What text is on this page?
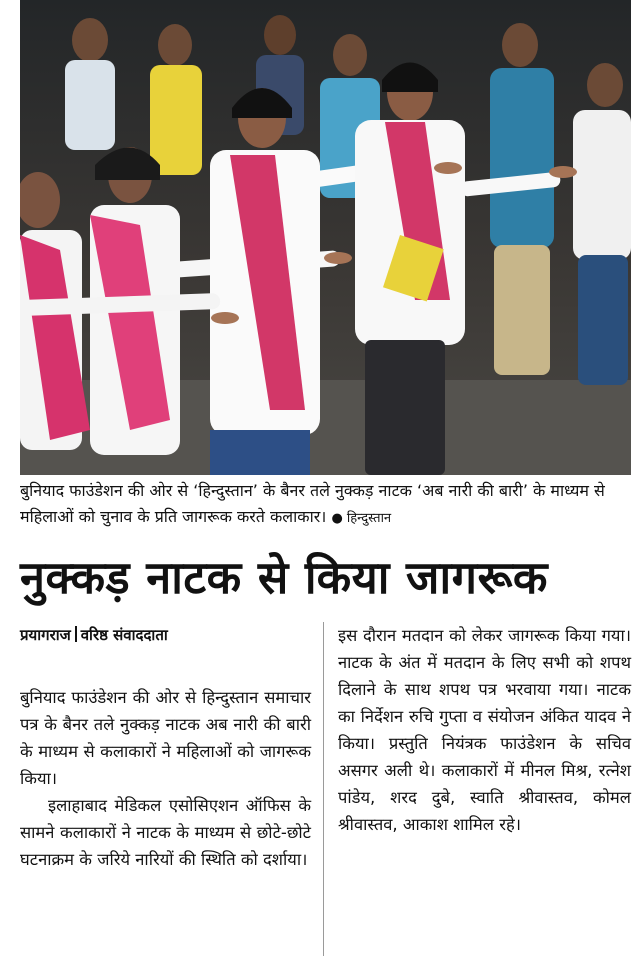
बुनियाद फाउंडेशन की ओर से ‘हिन्दुस्तान’ के बैनर तले नुक्कड़ नाटक ‘अब नारी की बारी’ के माध्यम से महिलाओं को चुनाव के प्रति जागरूक करते कलाकार। ● हिन्दुस्तान
नुक्कड़ नाटक से किया जागरूक
प्रयागराज वरिष्ठ संवाददाता

बुनियाद फाउंडेशन की ओर से हिन्दुस्तान समाचार पत्र के बैनर तले नुक्कड़ नाटक अब नारी की बारी के माध्यम से कलाकारों ने महिलाओं को जागरूक किया।

इलाहाबाद मेडिकल एसोसिएशन ऑफिस के सामने कलाकारों ने नाटक के माध्यम से छोटे-छोटे घटनाक्रम के जरिये नारियों की स्थिति को दर्शाया।

इस दौरान मतदान को लेकर जागरूक किया गया। नाटक के अंत में मतदान के लिए सभी को शपथ दिलाने के साथ शपथ पत्र भरवाया गया। नाटक का निर्देशन रुचि गुप्ता व संयोजन अंकित यादव ने किया। प्रस्तुति नियंत्रक फाउंडेशन के सचिव असगर अली थे। कलाकारों में मीनल मिश्र, रत्नेश पांडेय, शरद दुबे, स्वाति श्रीवास्तव, कोमल श्रीवास्तव, आकाश शामिल रहे।
